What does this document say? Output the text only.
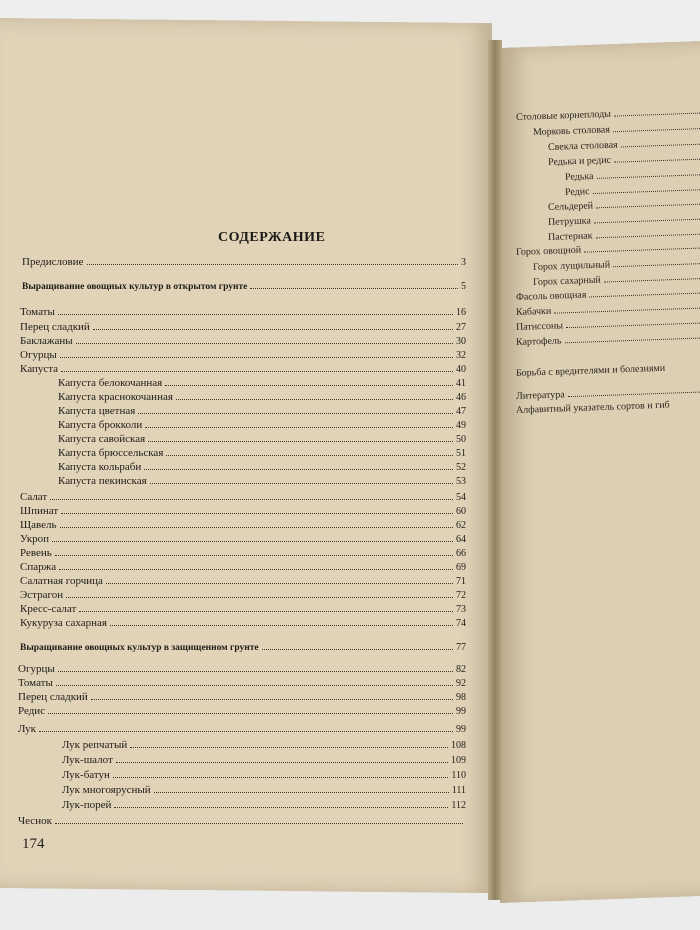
СОДЕРЖАНИЕ
Предисловие	3
Выращивание овощных культур в открытом грунте	5
Томаты	16
Перец сладкий	27
Баклажаны	30
Огурцы	32
Капуста	40
Капуста белокочанная	41
Капуста краснокочанная	46
Капуста цветная	47
Капуста брокколи	49
Капуста савойская	50
Капуста брюссельская	51
Капуста кольраби	52
Капуста пекинская	53
Салат	54
Шпинат	60
Щавель	62
Укроп	64
Ревень	66
Спаржа	69
Салатная горчица	71
Эстрагон	72
Кресс-салат	73
Кукуруза сахарная	74
Выращивание овощных культур в защищенном грунте	77
Огурцы	82
Томаты	92
Перец сладкий	98
Редис	99
Лук	99
Лук репчатый	108
Лук-шалот	109
Лук-батун	110
Лук многоярусный	111
Лук-порей	112
Чеснок
Столовые корнеплоды
Морковь столовая
Свекла столовая
Редька и редис
Редька
Редис
Сельдерей
Петрушка
Пастернак
Горох овощной
Горох лущильный
Горох сахарный
Фасоль овощная
Кабачки
Патиссоны
Картофель
Борьба с вредителями и болезнями
Литература
Алфавитный указатель сортов и гиб
174
